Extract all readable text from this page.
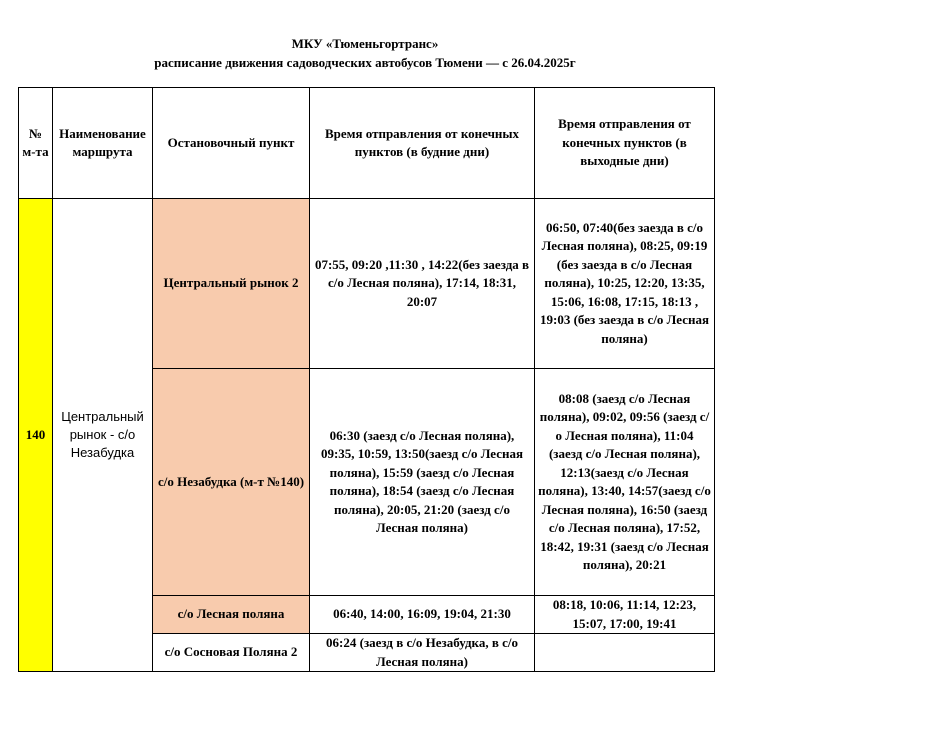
МКУ «Тюменьгортранс»
расписание движения садоводческих автобусов Тюмени — с 26.04.2025г
№ м-та	Наименование маршрута	Остановочный пункт	Время отправления от конечных пунктов (в будние дни)	Время отправления от конечных пунктов (в выходные дни)
140	Центральный рынок - с/о Незабудка	Центральный рынок 2	07:55, 09:20 ,11:30 , 14:22(без заезда в с/о Лесная поляна), 17:14, 18:31, 20:07	06:50, 07:40(без заезда в с/о Лесная поляна), 08:25, 09:19 (без заезда в с/о Лесная поляна), 10:25, 12:20, 13:35, 15:06, 16:08, 17:15, 18:13 , 19:03 (без заезда в с/о Лесная поляна)
		с/о Незабудка (м-т №140)	06:30 (заезд с/о Лесная поляна), 09:35, 10:59, 13:50(заезд с/о Лесная поляна), 15:59 (заезд с/о Лесная поляна), 18:54 (заезд с/о Лесная поляна), 20:05, 21:20 (заезд с/о Лесная поляна)	08:08 (заезд с/о Лесная поляна), 09:02, 09:56 (заезд с/о Лесная поляна), 11:04 (заезд с/о Лесная поляна), 12:13(заезд с/о Лесная поляна), 13:40, 14:57(заезд с/о Лесная поляна), 16:50 (заезд с/о Лесная поляна), 17:52, 18:42, 19:31 (заезд с/о Лесная поляна), 20:21
		с/о Лесная поляна	06:40, 14:00, 16:09, 19:04, 21:30	08:18, 10:06, 11:14, 12:23, 15:07, 17:00, 19:41
		с/о Сосновая Поляна 2	06:24 (заезд в с/о Незабудка, в с/о Лесная поляна)	
